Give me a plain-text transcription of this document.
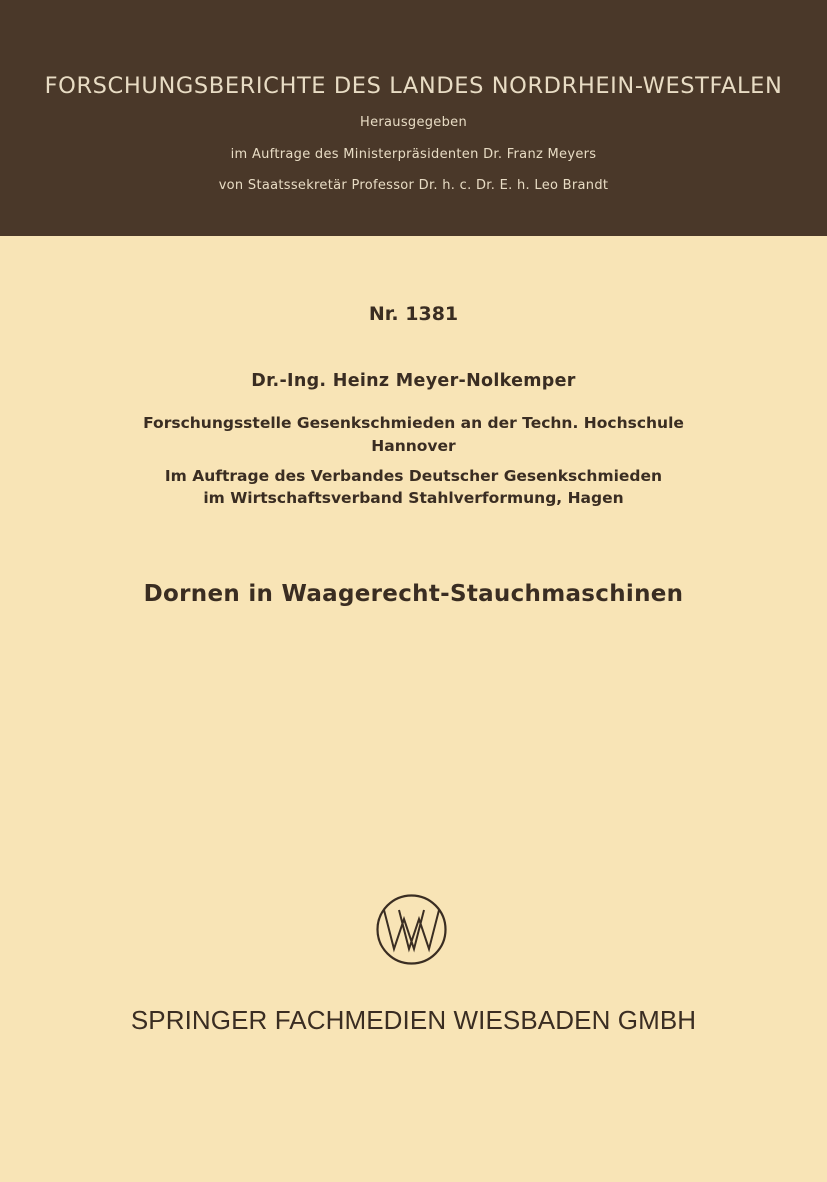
FORSCHUNGSBERICHTE DES LANDES NORDRHEIN-WESTFALEN
Herausgegeben
im Auftrage des Ministerpräsidenten Dr. Franz Meyers
von Staatssekretär Professor Dr. h. c. Dr. E. h. Leo Brandt
Nr. 1381
Dr.-Ing. Heinz Meyer-Nolkemper
Forschungsstelle Gesenkschmieden an der Techn. Hochschule
Hannover
Im Auftrage des Verbandes Deutscher Gesenkschmieden
im Wirtschaftsverband Stahlverformung, Hagen
Dornen in Waagerecht-Stauchmaschinen
SPRINGER FACHMEDIEN WIESBADEN GMBH
